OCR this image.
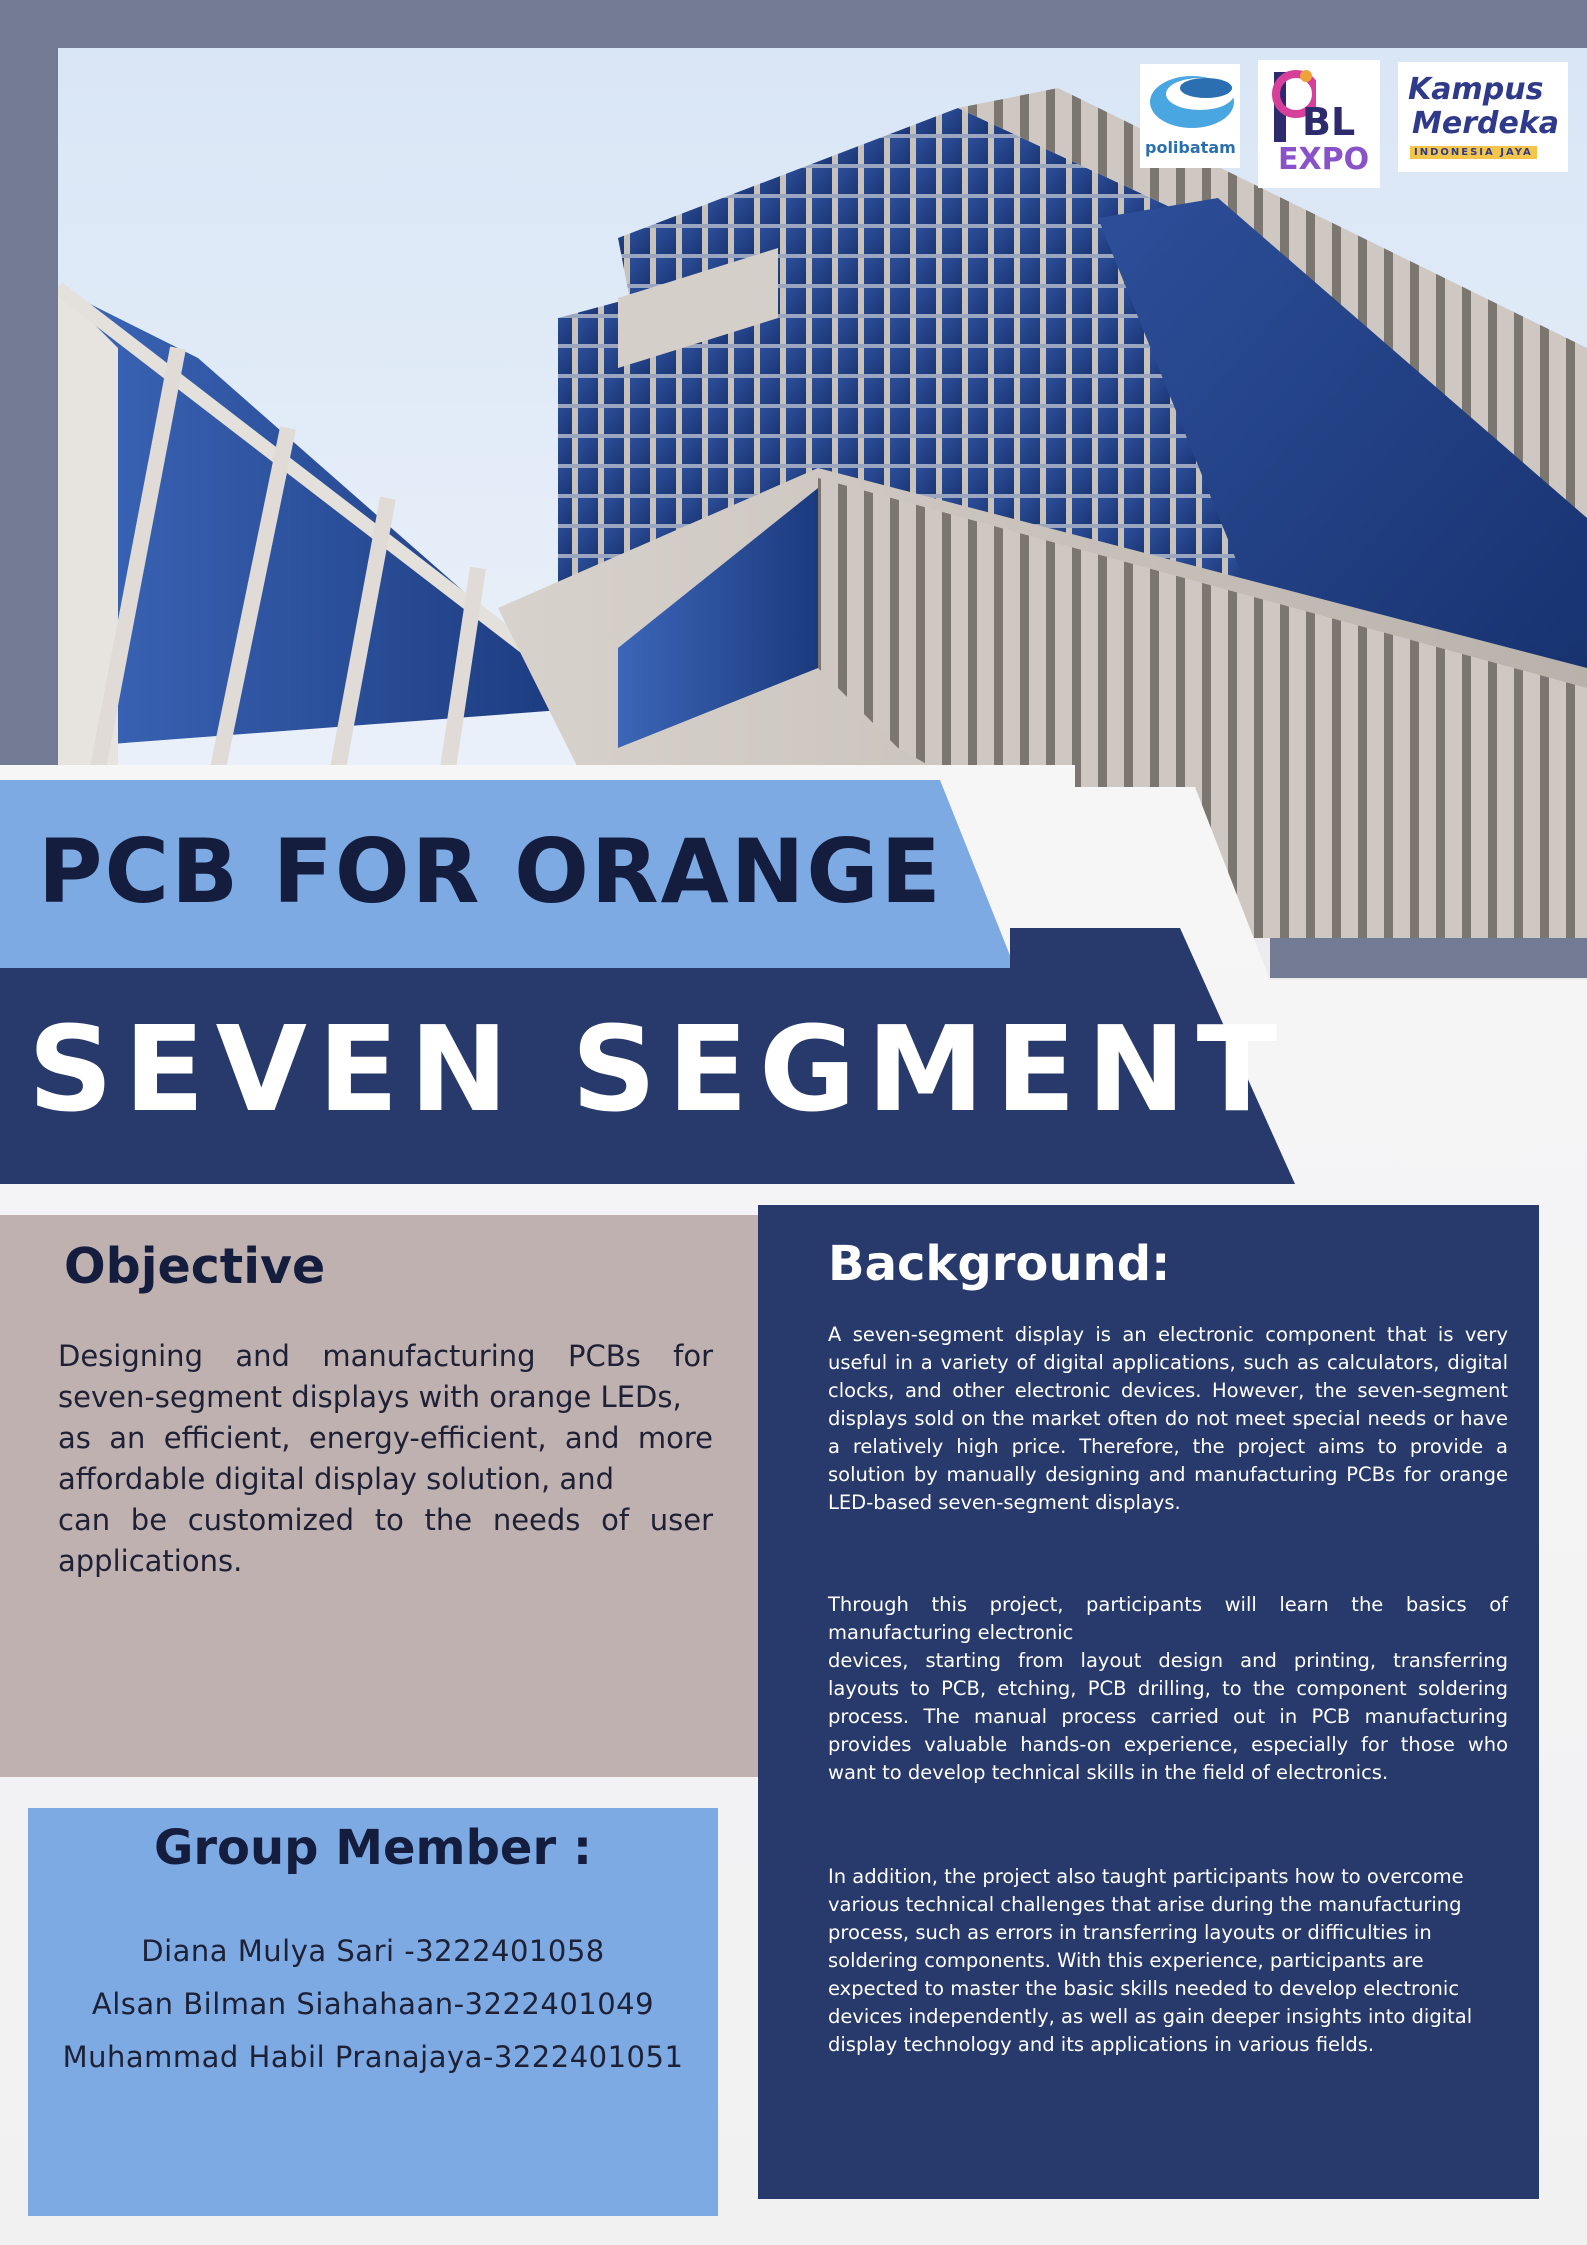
polibatam
BL
EXPO
Kampus
Merdeka
INDONESIA JAYA
PCB FOR ORANGE
SEVEN SEGMENT
Objective

Designing and manufacturing PCBs for seven-segment displays with orange LEDs,
as an efficient, energy-efficient, and more affordable digital display solution, and
can be customized to the needs of user applications.

Group Member :
Diana Mulya Sari -3222401058
Alsan Bilman Siahahaan-3222401049
Muhammad Habil Pranajaya-3222401051
Background:

A seven-segment display is an electronic component that is very useful in a variety of digital applications, such as calculators, digital clocks, and other electronic devices. However, the seven-segment displays sold on the market often do not meet special needs or have a relatively high price. Therefore, the project aims to provide a solution by manually designing and manufacturing PCBs for orange LED-based seven-segment displays.

Through this project, participants will learn the basics of manufacturing electronic
devices, starting from layout design and printing, transferring layouts to PCB, etching, PCB drilling, to the component soldering process. The manual process carried out in PCB manufacturing provides valuable hands-on experience, especially for those who want to develop technical skills in the field of electronics.

In addition, the project also taught participants how to overcome various technical challenges that arise during the manufacturing process, such as errors in transferring layouts or difficulties in soldering components. With this experience, participants are expected to master the basic skills needed to develop electronic devices independently, as well as gain deeper insights into digital display technology and its applications in various fields.
